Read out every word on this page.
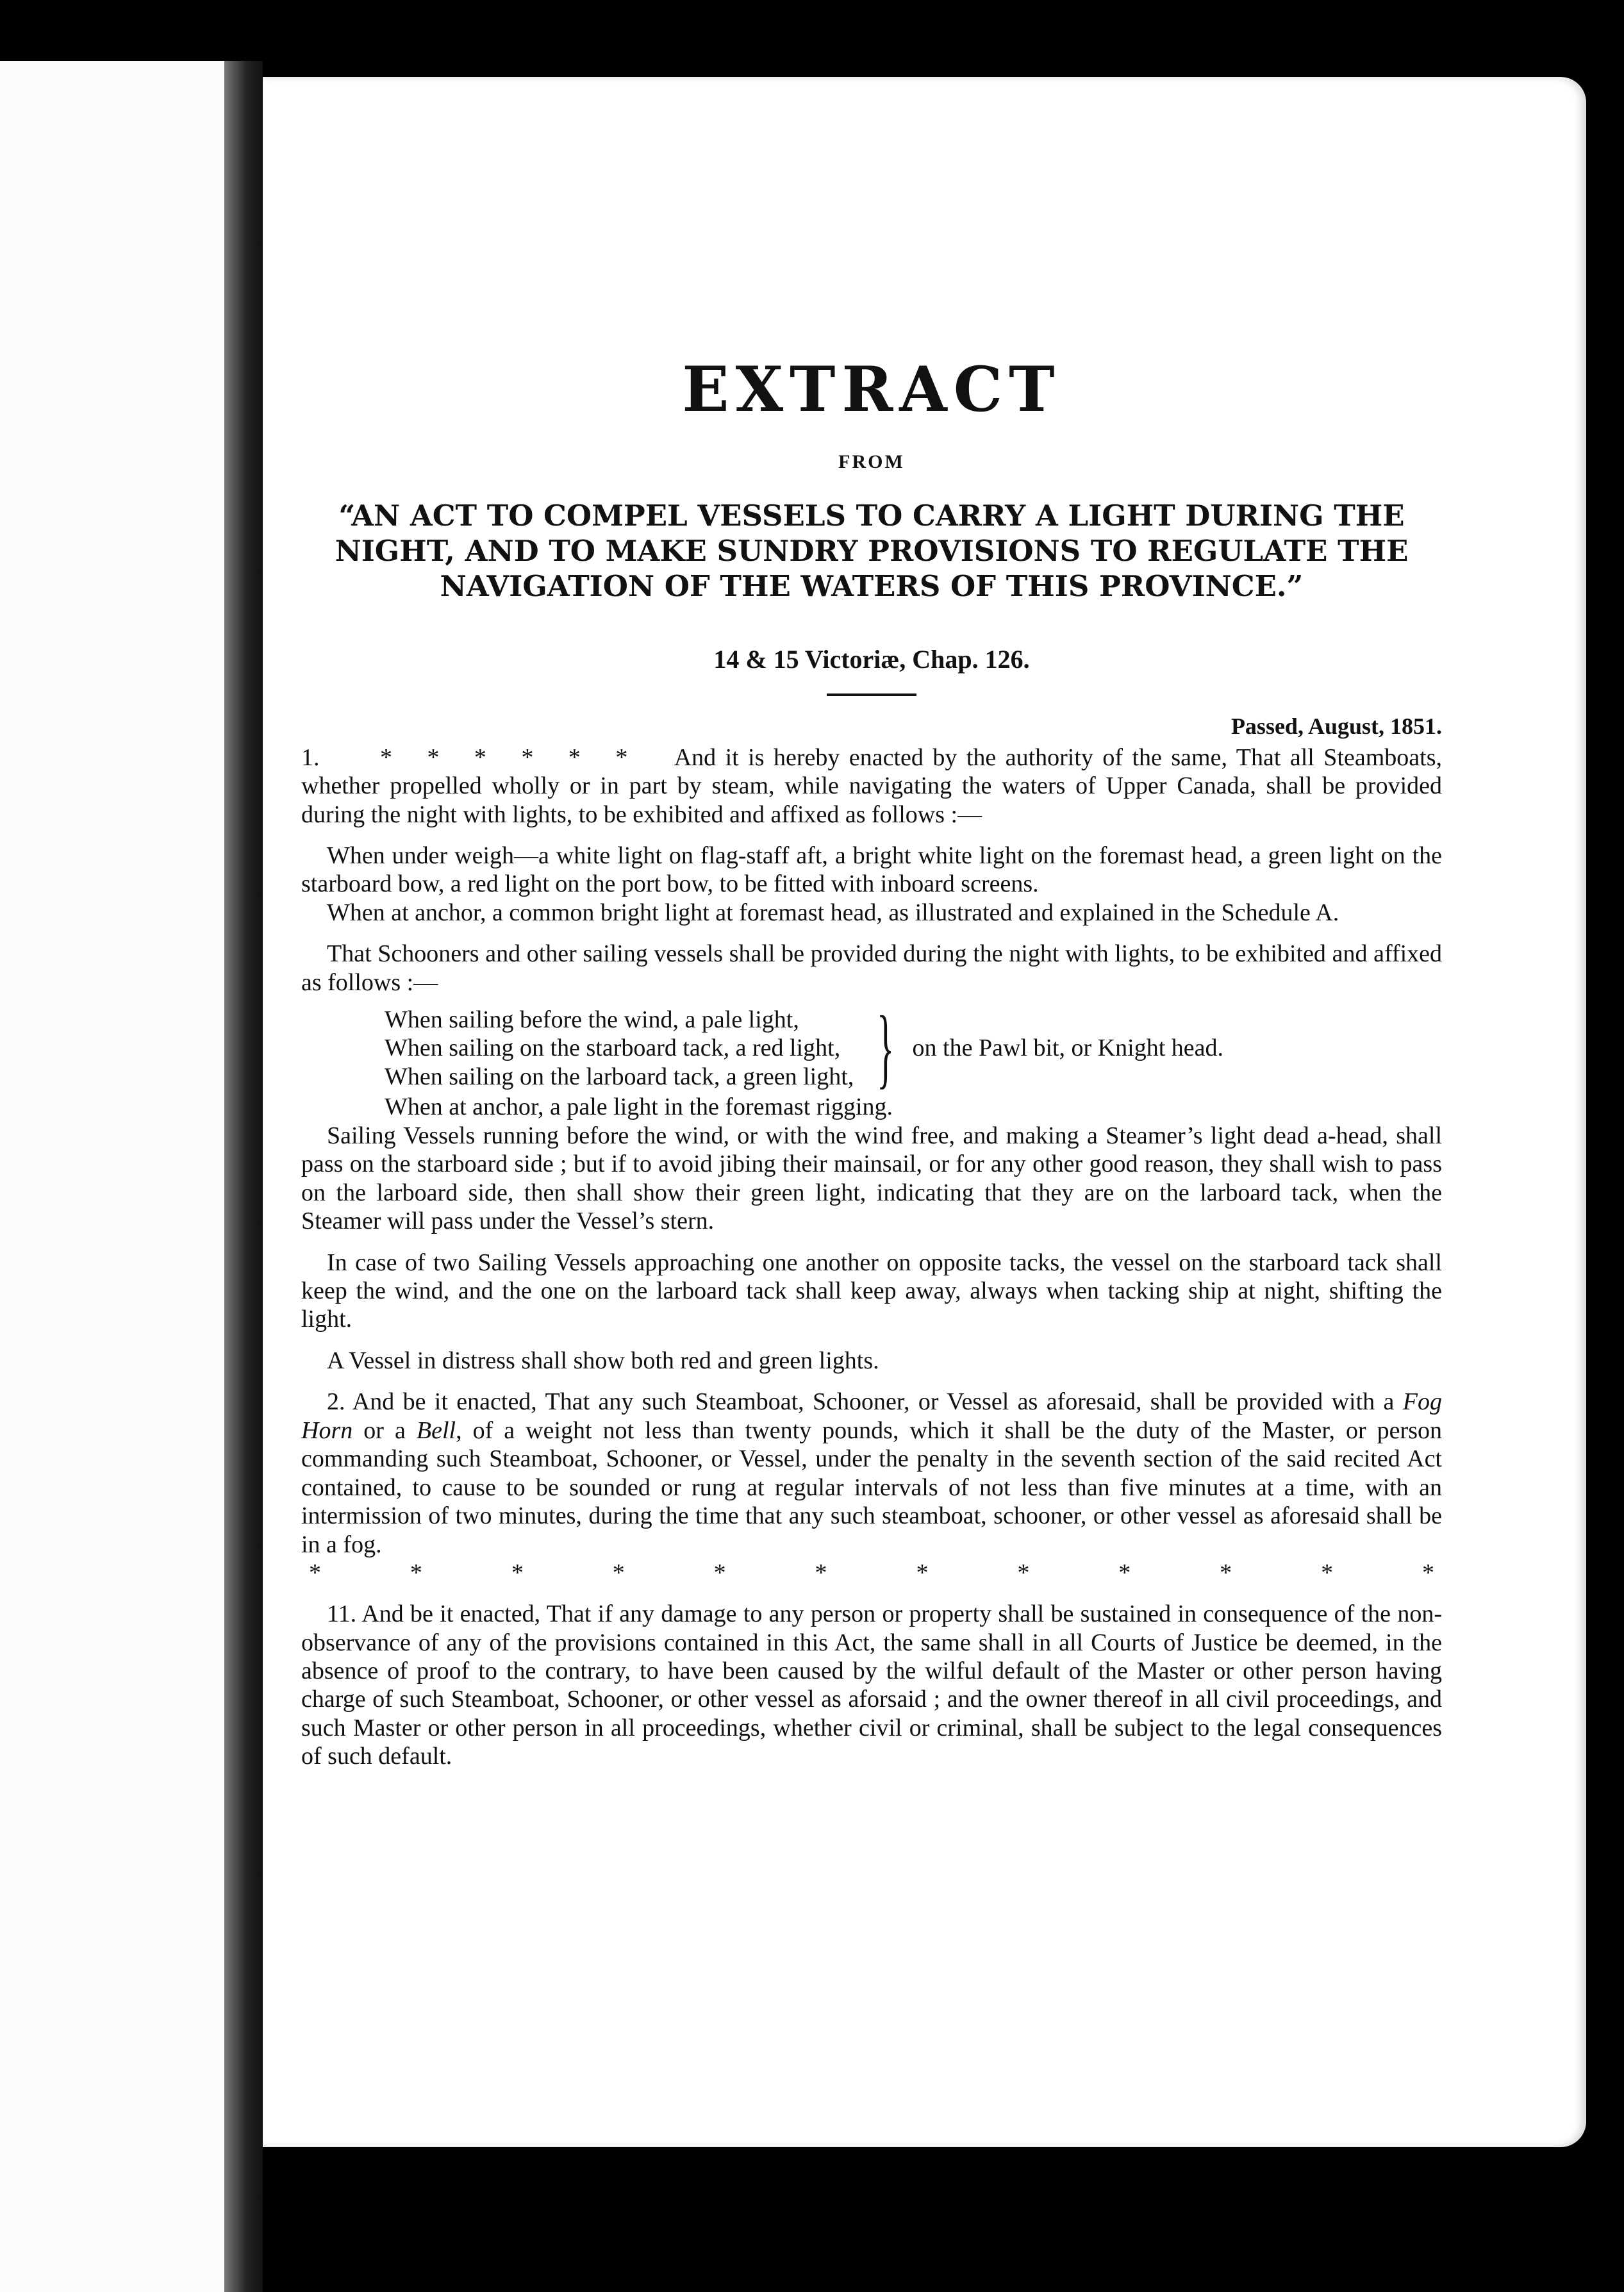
EXTRACT
FROM
“AN ACT TO COMPEL VESSELS TO CARRY A LIGHT DURING THE NIGHT, AND TO MAKE SUNDRY PROVISIONS TO REGULATE THE NAVIGATION OF THE WATERS OF THIS PROVINCE.”
14 & 15 Victoriæ, Chap. 126.
Passed, August, 1851.
1. * * * * * * And it is hereby enacted by the authority of the same, That all Steamboats, whether propelled wholly or in part by steam, while navigating the waters of Upper Canada, shall be provided during the night with lights, to be exhibited and affixed as follows :—
When under weigh—a white light on flag-staff aft, a bright white light on the foremast head, a green light on the starboard bow, a red light on the port bow, to be fitted with inboard screens.
When at anchor, a common bright light at foremast head, as illustrated and explained in the Schedule A.
That Schooners and other sailing vessels shall be provided during the night with lights, to be exhibited and affixed as follows :—
When sailing before the wind, a pale light,
When sailing on the starboard tack, a red light,
When sailing on the larboard tack, a green light, } on the Pawl bit, or Knight head.
When at anchor, a pale light in the foremast rigging.
Sailing Vessels running before the wind, or with the wind free, and making a Steamer’s light dead a-head, shall pass on the starboard side ; but if to avoid jibing their mainsail, or for any other good reason, they shall wish to pass on the larboard side, then shall show their green light, indicating that they are on the larboard tack, when the Steamer will pass under the Vessel’s stern.
In case of two Sailing Vessels approaching one another on opposite tacks, the vessel on the starboard tack shall keep the wind, and the one on the larboard tack shall keep away, always when tacking ship at night, shifting the light.
A Vessel in distress shall show both red and green lights.
2. And be it enacted, That any such Steamboat, Schooner, or Vessel as aforesaid, shall be provided with a Fog Horn or a Bell, of a weight not less than twenty pounds, which it shall be the duty of the Master, or person commanding such Steamboat, Schooner, or Vessel, under the penalty in the seventh section of the said recited Act contained, to cause to be sounded or rung at regular intervals of not less than five minutes at a time, with an intermission of two minutes, during the time that any such steamboat, schooner, or other vessel as aforesaid shall be in a fog.
*	*	*	*	*	*	*	*	*	*	*	*
11. And be it enacted, That if any damage to any person or property shall be sustained in consequence of the non-observance of any of the provisions contained in this Act, the same shall in all Courts of Justice be deemed, in the absence of proof to the contrary, to have been caused by the wilful default of the Master or other person having charge of such Steamboat, Schooner, or other vessel as aforsaid ; and the owner thereof in all civil proceedings, and such Master or other person in all proceedings, whether civil or criminal, shall be subject to the legal consequences of such default.
